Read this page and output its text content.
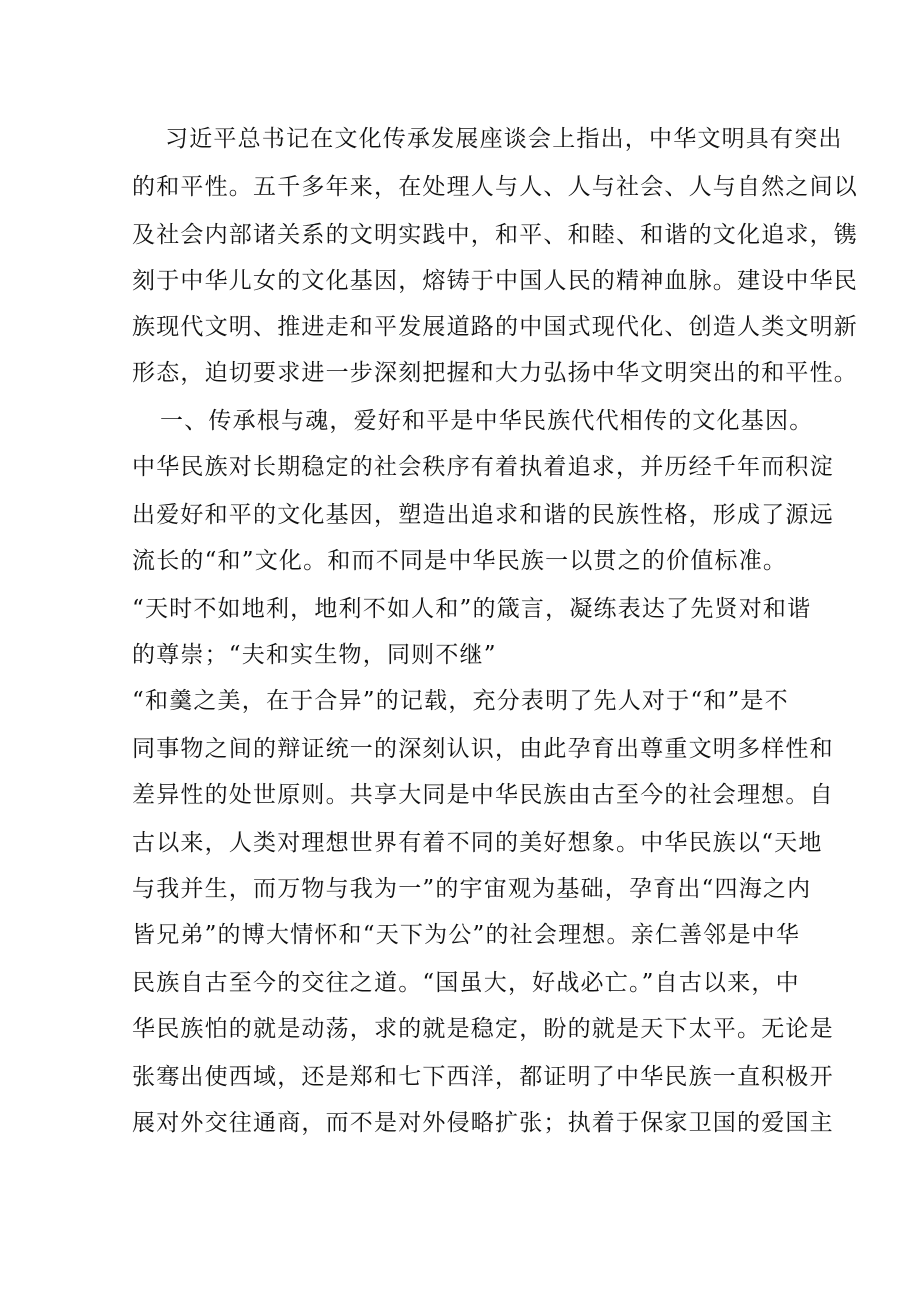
习近平总书记在文化传承发展座谈会上指出，中华文明具有突出
的和平性。五千多年来，在处理人与人、人与社会、人与自然之间以
及社会内部诸关系的文明实践中，和平、和睦、和谐的文化追求，镌
刻于中华儿女的文化基因，熔铸于中国人民的精神血脉。建设中华民
族现代文明、推进走和平发展道路的中国式现代化、创造人类文明新
形态，迫切要求进一步深刻把握和大力弘扬中华文明突出的和平性。
一、传承根与魂，爱好和平是中华民族代代相传的文化基因。
中华民族对长期稳定的社会秩序有着执着追求，并历经千年而积淀
出爱好和平的文化基因，塑造出追求和谐的民族性格，形成了源远
流长的“和”文化。和而不同是中华民族一以贯之的价值标准。
“天时不如地利，地利不如人和”的箴言，凝练表达了先贤对和谐
的尊崇；“夫和实生物，同则不继”
“和羹之美，在于合异”的记载，充分表明了先人对于“和”是不
同事物之间的辩证统一的深刻认识，由此孕育出尊重文明多样性和
差异性的处世原则。共享大同是中华民族由古至今的社会理想。自
古以来，人类对理想世界有着不同的美好想象。中华民族以“天地
与我并生，而万物与我为一”的宇宙观为基础，孕育出“四海之内
皆兄弟”的博大情怀和“天下为公”的社会理想。亲仁善邻是中华
民族自古至今的交往之道。“国虽大，好战必亡。”自古以来，中
华民族怕的就是动荡，求的就是稳定，盼的就是天下太平。无论是
张骞出使西域，还是郑和七下西洋，都证明了中华民族一直积极开
展对外交往通商，而不是对外侵略扩张；执着于保家卫国的爱国主
